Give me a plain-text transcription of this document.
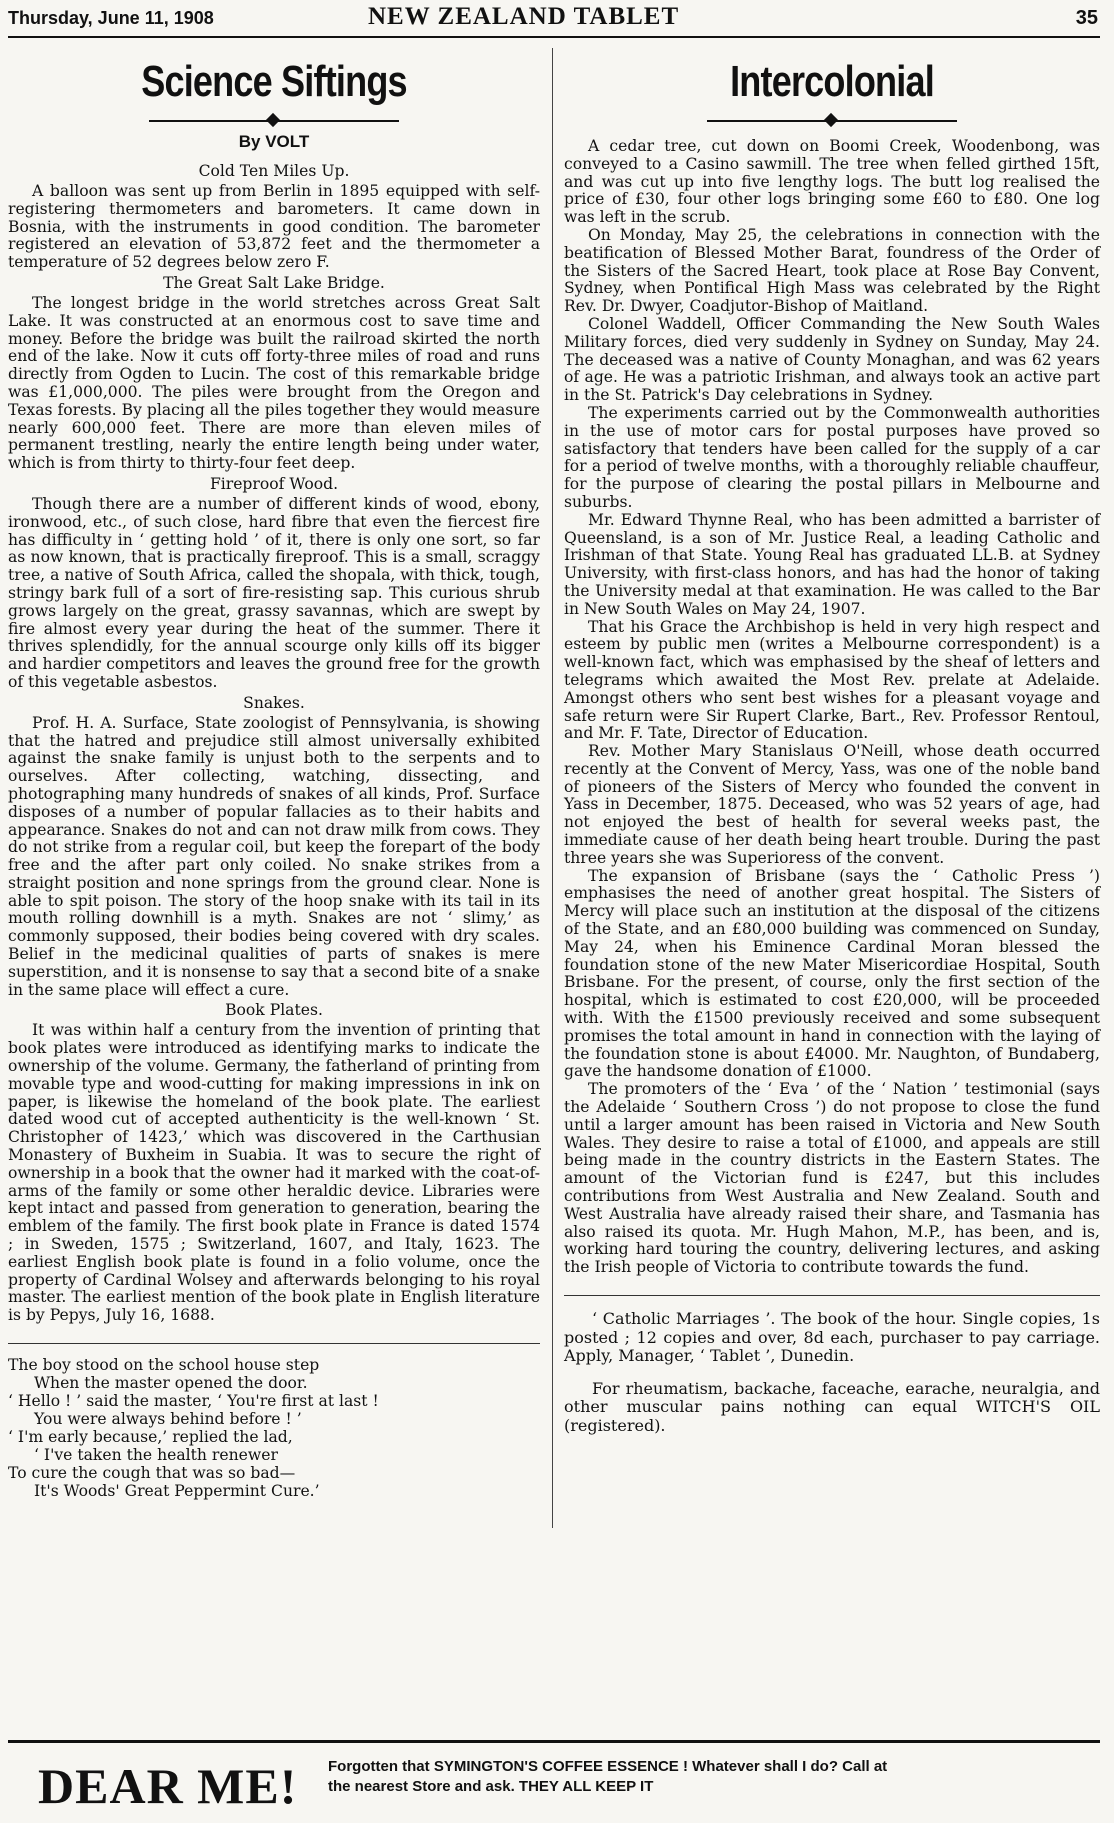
Thursday, June 11, 1908	NEW ZEALAND TABLET	35
Science Siftings
By VOLT
Cold Ten Miles Up.

A balloon was sent up from Berlin in 1895 equipped with self-registering thermometers and barometers. It came down in Bosnia, with the instruments in good condition. The barometer registered an elevation of 53,872 feet and the thermometer a temperature of 52 degrees below zero F.

The Great Salt Lake Bridge.

The longest bridge in the world stretches across Great Salt Lake. It was constructed at an enormous cost to save time and money. Before the bridge was built the railroad skirted the north end of the lake. Now it cuts off forty-three miles of road and runs directly from Ogden to Lucin. The cost of this remarkable bridge was £1,000,000. The piles were brought from the Oregon and Texas forests. By placing all the piles together they would measure nearly 600,000 feet. There are more than eleven miles of permanent trestling, nearly the entire length being under water, which is from thirty to thirty-four feet deep.

Fireproof Wood.

Though there are a number of different kinds of wood, ebony, ironwood, etc., of such close, hard fibre that even the fiercest fire has difficulty in ‘ getting hold ’ of it, there is only one sort, so far as now known, that is practically fireproof. This is a small, scraggy tree, a native of South Africa, called the shopala, with thick, tough, stringy bark full of a sort of fire-resisting sap. This curious shrub grows largely on the great, grassy savannas, which are swept by fire almost every year during the heat of the summer. There it thrives splendidly, for the annual scourge only kills off its bigger and hardier competitors and leaves the ground free for the growth of this vegetable asbestos.

Snakes.

Prof. H. A. Surface, State zoologist of Pennsylvania, is showing that the hatred and prejudice still almost universally exhibited against the snake family is unjust both to the serpents and to ourselves. After collecting, watching, dissecting, and photographing many hundreds of snakes of all kinds, Prof. Surface disposes of a number of popular fallacies as to their habits and appearance. Snakes do not and can not draw milk from cows. They do not strike from a regular coil, but keep the forepart of the body free and the after part only coiled. No snake strikes from a straight position and none springs from the ground clear. None is able to spit poison. The story of the hoop snake with its tail in its mouth rolling downhill is a myth. Snakes are not ‘ slimy,’ as commonly supposed, their bodies being covered with dry scales. Belief in the medicinal qualities of parts of snakes is mere superstition, and it is nonsense to say that a second bite of a snake in the same place will effect a cure.

Book Plates.

It was within half a century from the invention of printing that book plates were introduced as identifying marks to indicate the ownership of the volume. Germany, the fatherland of printing from movable type and wood-cutting for making impressions in ink on paper, is likewise the homeland of the book plate. The earliest dated wood cut of accepted authenticity is the well-known ‘ St. Christopher of 1423,’ which was discovered in the Carthusian Monastery of Buxheim in Suabia. It was to secure the right of ownership in a book that the owner had it marked with the coat-of-arms of the family or some other heraldic device. Libraries were kept intact and passed from generation to generation, bearing the emblem of the family. The first book plate in France is dated 1574 ; in Sweden, 1575 ; Switzerland, 1607, and Italy, 1623. The earliest English book plate is found in a folio volume, once the property of Cardinal Wolsey and afterwards belonging to his royal master. The earliest mention of the book plate in English literature is by Pepys, July 16, 1688.

The boy stood on the school house step
When the master opened the door.
‘ Hello ! ’ said the master, ‘ You're first at last !
You were always behind before ! ’
‘ I'm early because,’ replied the lad,
‘ I've taken the health renewer
To cure the cough that was so bad—
It's Woods' Great Peppermint Cure.’
Intercolonial

A cedar tree, cut down on Boomi Creek, Woodenbong, was conveyed to a Casino sawmill. The tree when felled girthed 15ft, and was cut up into five lengthy logs. The butt log realised the price of £30, four other logs bringing some £60 to £80. One log was left in the scrub.

On Monday, May 25, the celebrations in connection with the beatification of Blessed Mother Barat, foundress of the Order of the Sisters of the Sacred Heart, took place at Rose Bay Convent, Sydney, when Pontifical High Mass was celebrated by the Right Rev. Dr. Dwyer, Coadjutor-Bishop of Maitland.

Colonel Waddell, Officer Commanding the New South Wales Military forces, died very suddenly in Sydney on Sunday, May 24. The deceased was a native of County Monaghan, and was 62 years of age. He was a patriotic Irishman, and always took an active part in the St. Patrick's Day celebrations in Sydney.

The experiments carried out by the Commonwealth authorities in the use of motor cars for postal purposes have proved so satisfactory that tenders have been called for the supply of a car for a period of twelve months, with a thoroughly reliable chauffeur, for the purpose of clearing the postal pillars in Melbourne and suburbs.

Mr. Edward Thynne Real, who has been admitted a barrister of Queensland, is a son of Mr. Justice Real, a leading Catholic and Irishman of that State. Young Real has graduated LL.B. at Sydney University, with first-class honors, and has had the honor of taking the University medal at that examination. He was called to the Bar in New South Wales on May 24, 1907.

That his Grace the Archbishop is held in very high respect and esteem by public men (writes a Melbourne correspondent) is a well-known fact, which was emphasised by the sheaf of letters and telegrams which awaited the Most Rev. prelate at Adelaide. Amongst others who sent best wishes for a pleasant voyage and safe return were Sir Rupert Clarke, Bart., Rev. Professor Rentoul, and Mr. F. Tate, Director of Education.

Rev. Mother Mary Stanislaus O'Neill, whose death occurred recently at the Convent of Mercy, Yass, was one of the noble band of pioneers of the Sisters of Mercy who founded the convent in Yass in December, 1875. Deceased, who was 52 years of age, had not enjoyed the best of health for several weeks past, the immediate cause of her death being heart trouble. During the past three years she was Superioress of the convent.

The expansion of Brisbane (says the ‘ Catholic Press ’) emphasises the need of another great hospital. The Sisters of Mercy will place such an institution at the disposal of the citizens of the State, and an £80,000 building was commenced on Sunday, May 24, when his Eminence Cardinal Moran blessed the foundation stone of the new Mater Misericordiae Hospital, South Brisbane. For the present, of course, only the first section of the hospital, which is estimated to cost £20,000, will be proceeded with. With the £1500 previously received and some subsequent promises the total amount in hand in connection with the laying of the foundation stone is about £4000. Mr. Naughton, of Bundaberg, gave the handsome donation of £1000.

The promoters of the ‘ Eva ’ of the ‘ Nation ’ testimonial (says the Adelaide ‘ Southern Cross ’) do not propose to close the fund until a larger amount has been raised in Victoria and New South Wales. They desire to raise a total of £1000, and appeals are still being made in the country districts in the Eastern States. The amount of the Victorian fund is £247, but this includes contributions from West Australia and New Zealand. South and West Australia have already raised their share, and Tasmania has also raised its quota. Mr. Hugh Mahon, M.P., has been, and is, working hard touring the country, delivering lectures, and asking the Irish people of Victoria to contribute towards the fund.

‘ Catholic Marriages ’. The book of the hour. Single copies, 1s posted ; 12 copies and over, 8d each, purchaser to pay carriage. Apply, Manager, ‘ Tablet ’, Dunedin.

For rheumatism, backache, faceache, earache, neuralgia, and other muscular pains nothing can equal WITCH'S OIL (registered).

DEAR ME! Forgotten that SYMINGTON'S COFFEE ESSENCE ! Whatever shall I do? Call at
the nearest Store and ask. THEY ALL KEEP IT
